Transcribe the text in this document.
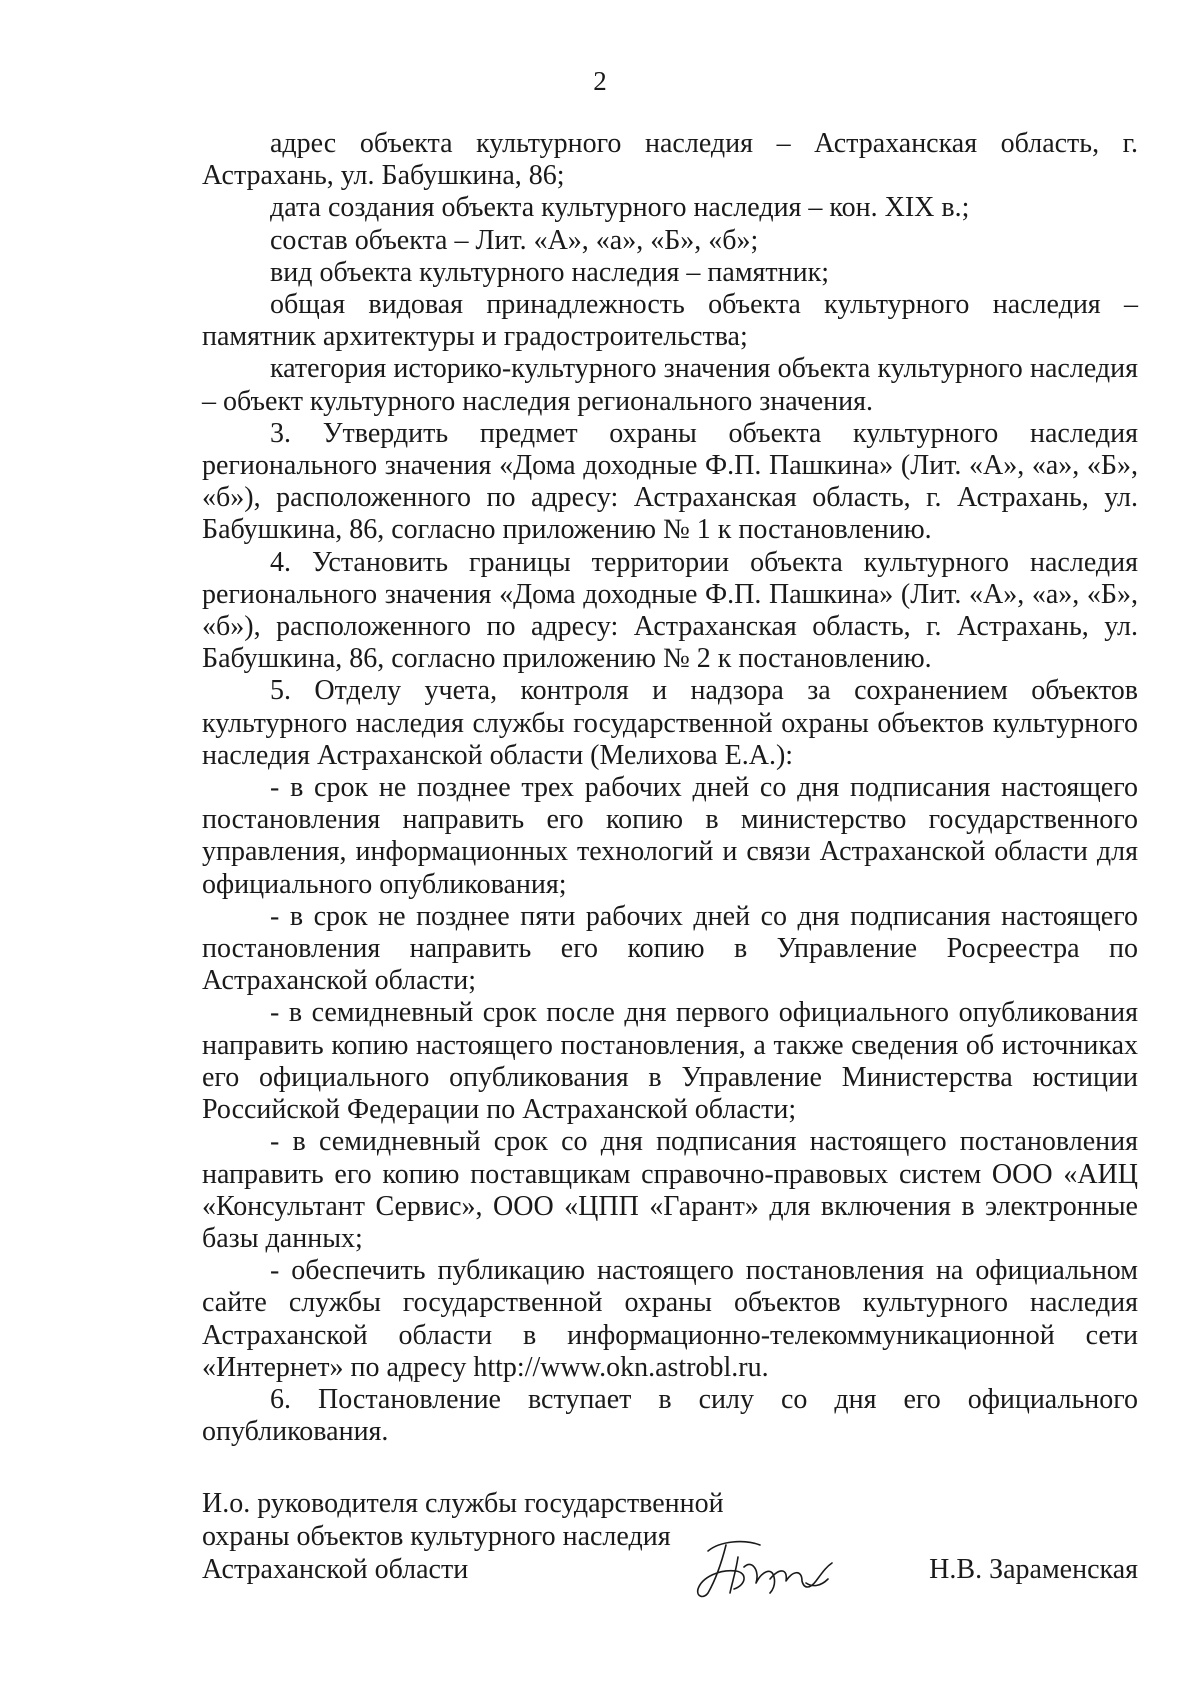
2

адрес объекта культурного наследия – Астраханская область, г. Астрахань, ул. Бабушкина, 86;

дата создания объекта культурного наследия – кон. XIX в.;

состав объекта – Лит. «А», «а», «Б», «б»;

вид объекта культурного наследия – памятник;

общая видовая принадлежность объекта культурного наследия – памятник архитектуры и градостроительства;

категория историко-культурного значения объекта культурного наследия – объект культурного наследия регионального значения.

3. Утвердить предмет охраны объекта культурного наследия регионального значения «Дома доходные Ф.П. Пашкина» (Лит. «А», «а», «Б», «б»), расположенного по адресу: Астраханская область, г. Астрахань, ул. Бабушкина, 86, согласно приложению № 1 к постановлению.

4. Установить границы территории объекта культурного наследия регионального значения «Дома доходные Ф.П. Пашкина» (Лит. «А», «а», «Б», «б»), расположенного по адресу: Астраханская область, г. Астрахань, ул. Бабушкина, 86, согласно приложению № 2 к постановлению.

5. Отделу учета, контроля и надзора за сохранением объектов культурного наследия службы государственной охраны объектов культурного наследия Астраханской области (Мелихова Е.А.):

- в срок не позднее трех рабочих дней со дня подписания настоящего постановления направить его копию в министерство государственного управления, информационных технологий и связи Астраханской области для официального опубликования;

- в срок не позднее пяти рабочих дней со дня подписания настоящего постановления направить его копию в Управление Росреестра по Астраханской области;

- в семидневный срок после дня первого официального опубликования направить копию настоящего постановления, а также сведения об источниках его официального опубликования в Управление Министерства юстиции Российской Федерации по Астраханской области;

- в семидневный срок со дня подписания настоящего постановления направить его копию поставщикам справочно-правовых систем ООО «АИЦ «Консультант Сервис», ООО «ЦПП «Гарант» для включения в электронные базы данных;

- обеспечить публикацию настоящего постановления на официальном сайте службы государственной охраны объектов культурного наследия Астраханской области в информационно-телекоммуникационной сети «Интернет» по адресу http://www.okn.astrobl.ru.

6. Постановление вступает в силу со дня его официального опубликования.

И.о. руководителя службы государственной
охраны объектов культурного наследия
Астраханской области	Н.В. Зараменская
